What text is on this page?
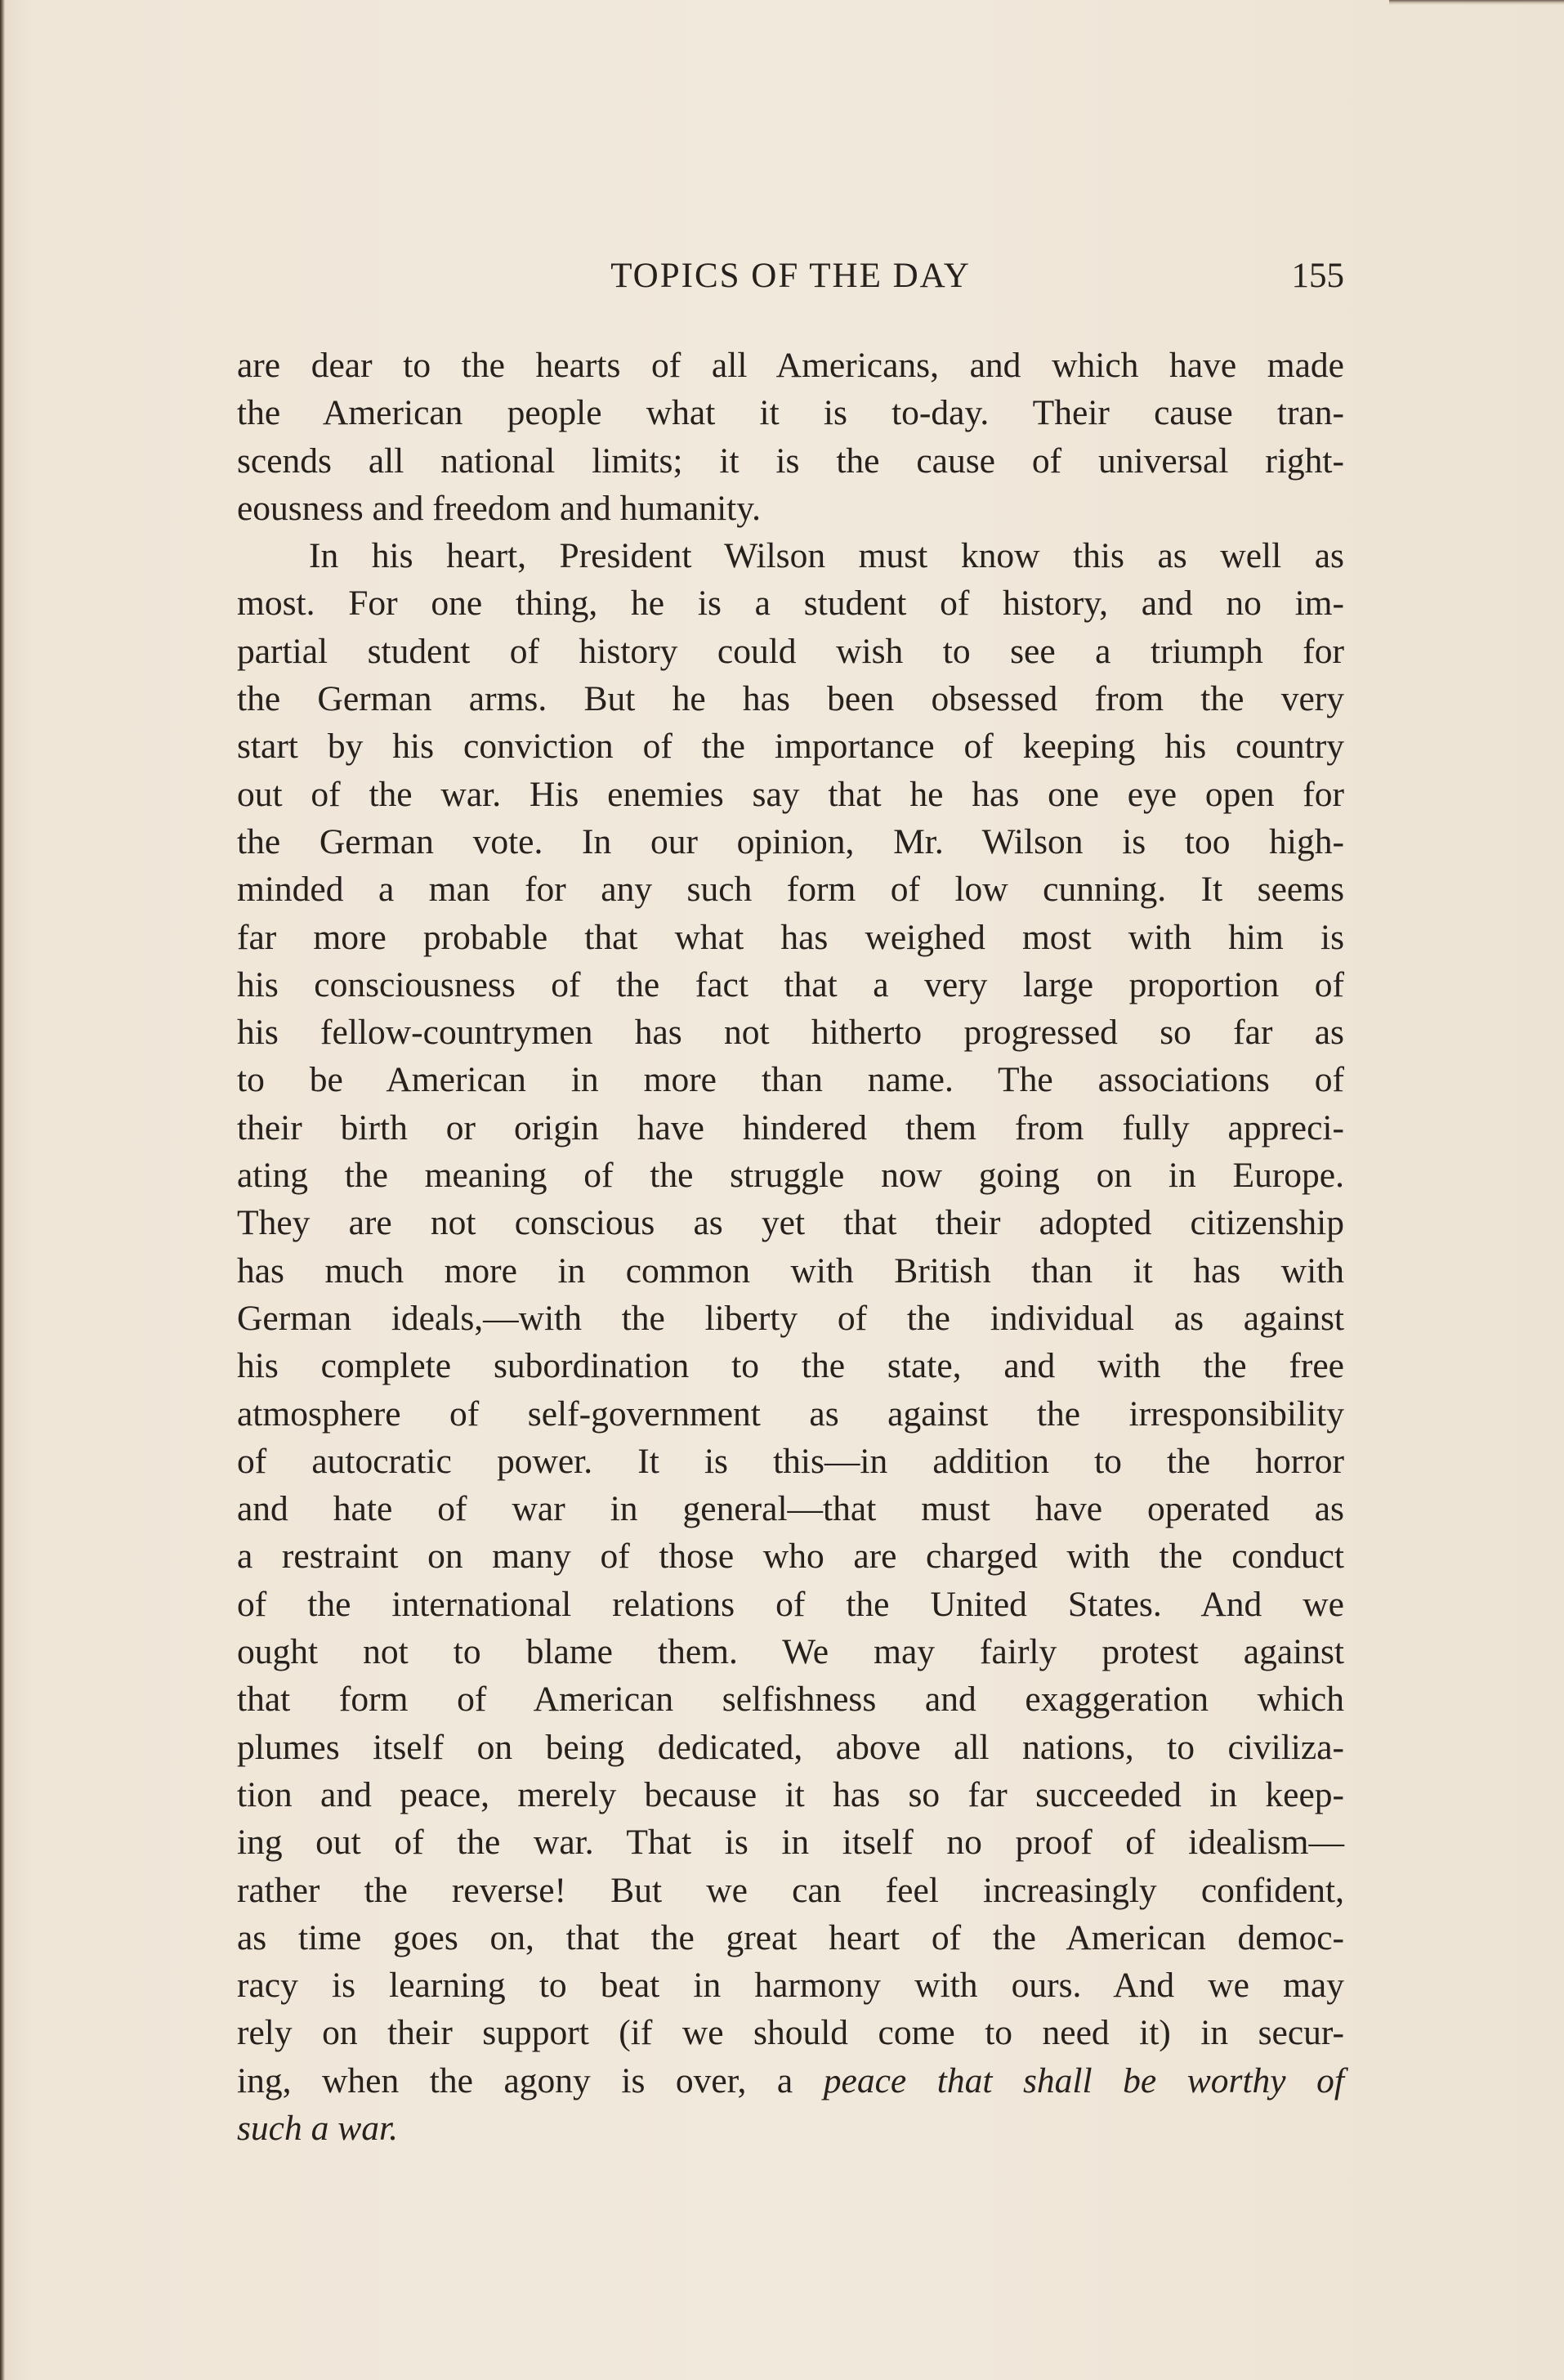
TOPICS OF THE DAY	155
are dear to the hearts of all Americans, and which have made
the American people what it is to-day. Their cause tran-
scends all national limits; it is the cause of universal right-
eousness and freedom and humanity.
In his heart, President Wilson must know this as well as
most. For one thing, he is a student of history, and no im-
partial student of history could wish to see a triumph for
the German arms. But he has been obsessed from the very
start by his conviction of the importance of keeping his country
out of the war. His enemies say that he has one eye open for
the German vote. In our opinion, Mr. Wilson is too high-
minded a man for any such form of low cunning. It seems
far more probable that what has weighed most with him is
his consciousness of the fact that a very large proportion of
his fellow-countrymen has not hitherto progressed so far as
to be American in more than name. The associations of
their birth or origin have hindered them from fully appreci-
ating the meaning of the struggle now going on in Europe.
They are not conscious as yet that their adopted citizenship
has much more in common with British than it has with
German ideals,—with the liberty of the individual as against
his complete subordination to the state, and with the free
atmosphere of self-government as against the irresponsibility
of autocratic power. It is this—in addition to the horror
and hate of war in general—that must have operated as
a restraint on many of those who are charged with the conduct
of the international relations of the United States. And we
ought not to blame them. We may fairly protest against
that form of American selfishness and exaggeration which
plumes itself on being dedicated, above all nations, to civiliza-
tion and peace, merely because it has so far succeeded in keep-
ing out of the war. That is in itself no proof of idealism—
rather the reverse! But we can feel increasingly confident,
as time goes on, that the great heart of the American democ-
racy is learning to beat in harmony with ours. And we may
rely on their support (if we should come to need it) in secur-
ing, when the agony is over, a peace that shall be worthy of
such a war.
